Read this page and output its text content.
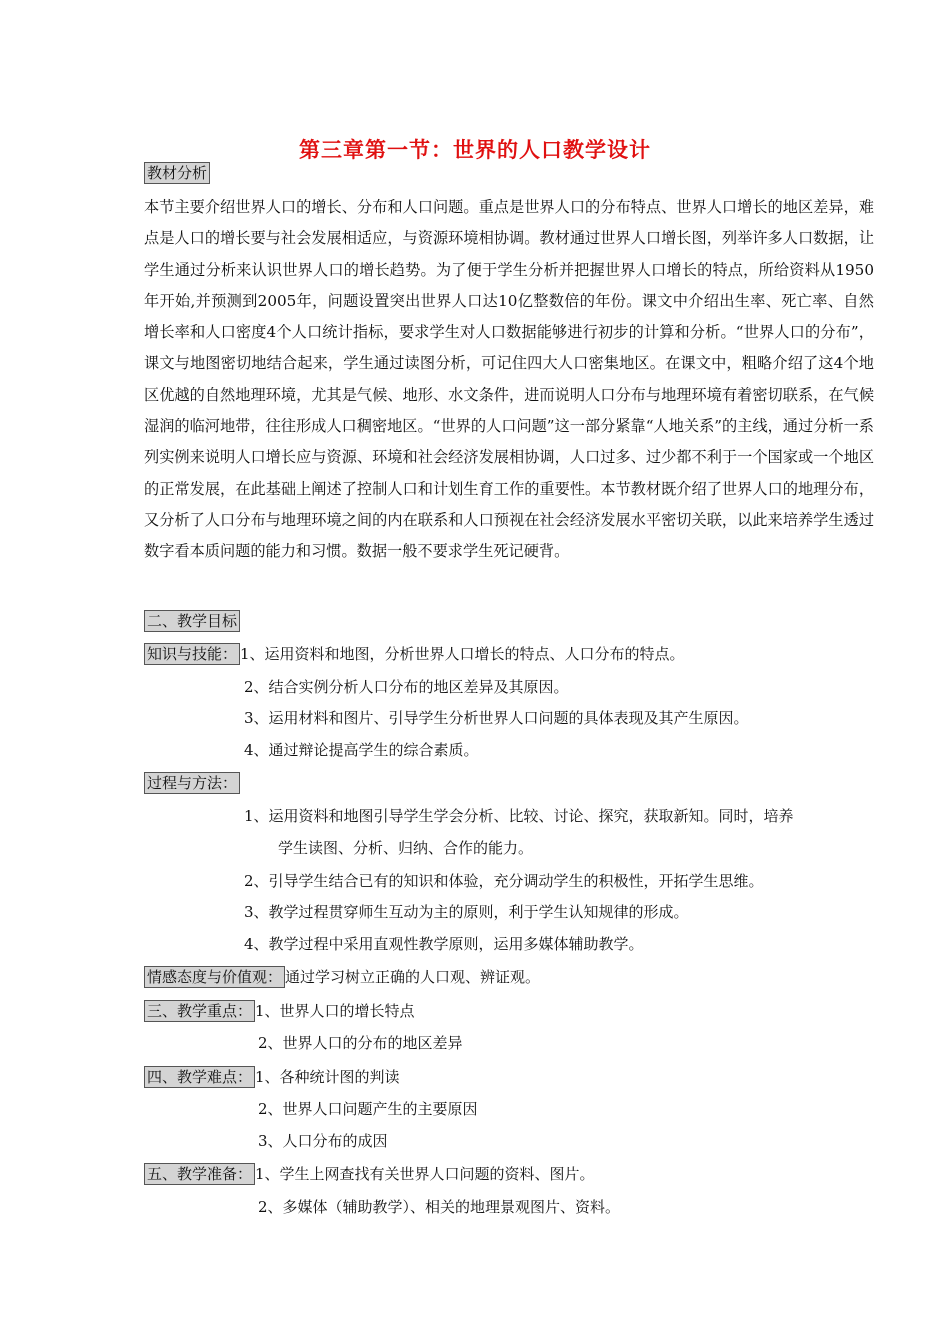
第三章第一节：世界的人口教学设计
教材分析
本节主要介绍世界人口的增长、分布和人口问题。重点是世界人口的分布特点、世界人口增长的地区差异，难点是人口的增长要与社会发展相适应，与资源环境相协调。教材通过世界人口增长图，列举许多人口数据，让学生通过分析来认识世界人口的增长趋势。为了便于学生分析并把握世界人口增长的特点，所给资料从1950年开始,并预测到2005年，问题设置突出世界人口达10亿整数倍的年份。课文中介绍出生率、死亡率、自然增长率和人口密度4个人口统计指标，要求学生对人口数据能够进行初步的计算和分析。“世界人口的分布”，课文与地图密切地结合起来，学生通过读图分析，可记住四大人口密集地区。在课文中，粗略介绍了这4个地区优越的自然地理环境，尤其是气候、地形、水文条件，进而说明人口分布与地理环境有着密切联系，在气候湿润的临河地带，往往形成人口稠密地区。“世界的人口问题”这一部分紧靠“人地关系”的主线，通过分析一系列实例来说明人口增长应与资源、环境和社会经济发展相协调，人口过多、过少都不利于一个国家或一个地区的正常发展，在此基础上阐述了控制人口和计划生育工作的重要性。本节教材既介绍了世界人口的地理分布，又分析了人口分布与地理环境之间的内在联系和人口预视在社会经济发展水平密切关联，以此来培养学生透过数字看本质问题的能力和习惯。数据一般不要求学生死记硬背。
二、教学目标
知识与技能： 1、运用资料和地图，分析世界人口增长的特点、人口分布的特点。
2、结合实例分析人口分布的地区差异及其原因。
3、运用材料和图片、引导学生分析世界人口问题的具体表现及其产生原因。
4、通过辩论提高学生的综合素质。
过程与方法：
1、运用资料和地图引导学生学会分析、比较、讨论、探究，获取新知。同时，培养
学生读图、分析、归纳、合作的能力。
2、引导学生结合已有的知识和体验，充分调动学生的积极性，开拓学生思维。
3、教学过程贯穿师生互动为主的原则，利于学生认知规律的形成。
4、教学过程中采用直观性教学原则，运用多媒体辅助教学。
情感态度与价值观： 通过学习树立正确的人口观、辨证观。
三、教学重点： 1、世界人口的增长特点
2、世界人口的分布的地区差异
四、教学难点： 1、各种统计图的判读
2、世界人口问题产生的主要原因
3、人口分布的成因
五、教学准备： 1、学生上网查找有关世界人口问题的资料、图片。
2、多媒体（辅助教学）、相关的地理景观图片、资料。
